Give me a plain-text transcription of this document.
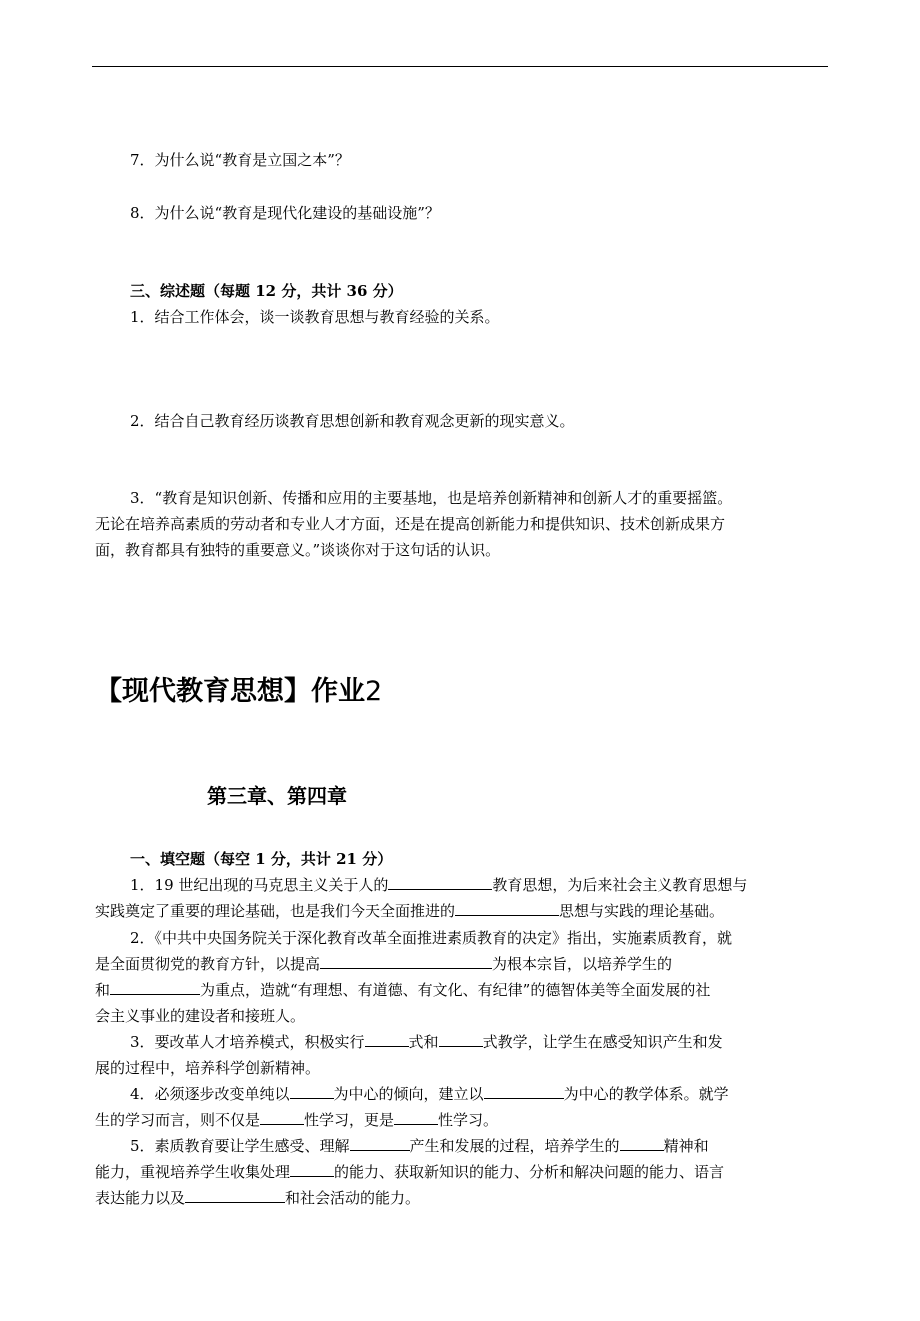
7．为什么说“教育是立国之本”？
8．为什么说“教育是现代化建设的基础设施”？
三、综述题（每题 12 分，共计 36 分）
1．结合工作体会，谈一谈教育思想与教育经验的关系。
2．结合自己教育经历谈教育思想创新和教育观念更新的现实意义。
3．“教育是知识创新、传播和应用的主要基地，也是培养创新精神和创新人才的重要摇篮。
无论在培养高素质的劳动者和专业人才方面，还是在提高创新能力和提供知识、技术创新成果方
面，教育都具有独特的重要意义。”谈谈你对于这句话的认识。
【现代教育思想】作业2
第三章、第四章
一、填空题（每空 1 分，共计 21 分）
1．19 世纪出现的马克思主义关于人的	教育思想，为后来社会主义教育思想与
实践奠定了重要的理论基础，也是我们今天全面推进的	思想与实践的理论基础。
2．《中共中央国务院关于深化教育改革全面推进素质教育的决定》指出，实施素质教育，就
是全面贯彻党的教育方针，以提高	为根本宗旨，以培养学生的
和	为重点，造就“有理想、有道德、有文化、有纪律”的德智体美等全面发展的社
会主义事业的建设者和接班人。
3．要改革人才培养模式，积极实行	式和	式教学，让学生在感受知识产生和发
展的过程中，培养科学创新精神。
4．必须逐步改变单纯以	为中心的倾向，建立以	为中心的教学体系。就学
生的学习而言，则不仅是	性学习，更是	性学习。
5．素质教育要让学生感受、理解	产生和发展的过程，培养学生的	精神和
能力，重视培养学生收集处理	的能力、获取新知识的能力、分析和解决问题的能力、语言
表达能力以及	和社会活动的能力。
